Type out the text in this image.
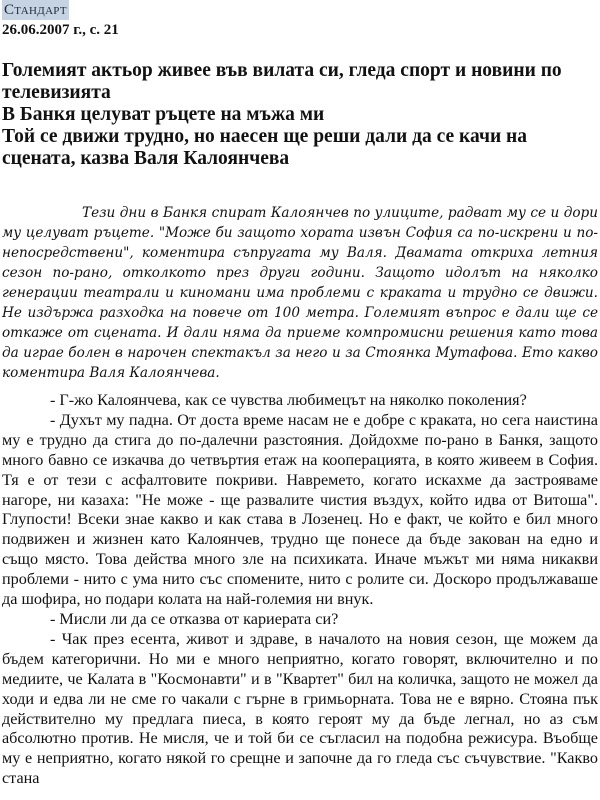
Стандарт
26.06.2007 г., с. 21
Големият актьор живее във вилата си, гледа спорт и новини по телевизията
В Банкя целуват ръцете на мъжа ми
Той се движи трудно, но наесен ще реши дали да се качи на сцената, казва Валя Калоянчева
Тези дни в Банкя спират Калоянчев по улиците, радват му се и дори му целуват ръцете. "Може би защото хората извън София са по-искрени и по-непосредствени", коментира съпругата му Валя. Двамата откриха летния сезон по-рано, отколкото през други години. Защото идолът на няколко генерации театрали и киномани има проблеми с краката и трудно се движи. Не издържа разходка на повече от 100 метра. Големият въпрос е дали ще се откаже от сцената. И дали няма да приеме компромисни решения като това да играе болен в нарочен спектакъл за него и за Стоянка Мутафова. Ето какво коментира Валя Калоянчева.

- Г-жо Калоянчева, как се чувства любимецът на няколко поколения?

- Духът му падна. От доста време насам не е добре с краката, но сега наистина му е трудно да стига до по-далечни разстояния. Дойдохме по-рано в Банкя, защото много бавно се изкачва до четвъртия етаж на кооперацията, в която живеем в София. Тя е от тези с асфалтовите покриви. Навремето, когато искахме да застрояваме нагоре, ни казаха: "Не може - ще развалите чистия въздух, който идва от Витоша". Глупости! Всеки знае какво и как става в Лозенец. Но е факт, че който е бил много подвижен и жизнен като Калоянчев, трудно ще понесе да бъде закован на едно и също място. Това действа много зле на психиката. Иначе мъжът ми няма никакви проблеми - нито с ума нито със спомените, нито с ролите си. Доскоро продължаваше да шофира, но подари колата на най-големия ни внук.

- Мисли ли да се отказва от кариерата си?

- Чак през есента, живот и здраве, в началото на новия сезон, ще можем да бъдем категорични. Но ми е много неприятно, когато говорят, включително и по медиите, че Калата в "Космонавти" и в "Квартет" бил на количка, защото не можел да ходи и едва ли не сме го чакали с гърне в гримьорната. Това не е вярно. Стояна пък действително му предлага пиеса, в която героят му да бъде легнал, но аз съм абсолютно против. Не мисля, че и той би се съгласил на подобна режисура. Въобще му е неприятно, когато някой го срещне и започне да го гледа със съчувствие. "Какво стана
